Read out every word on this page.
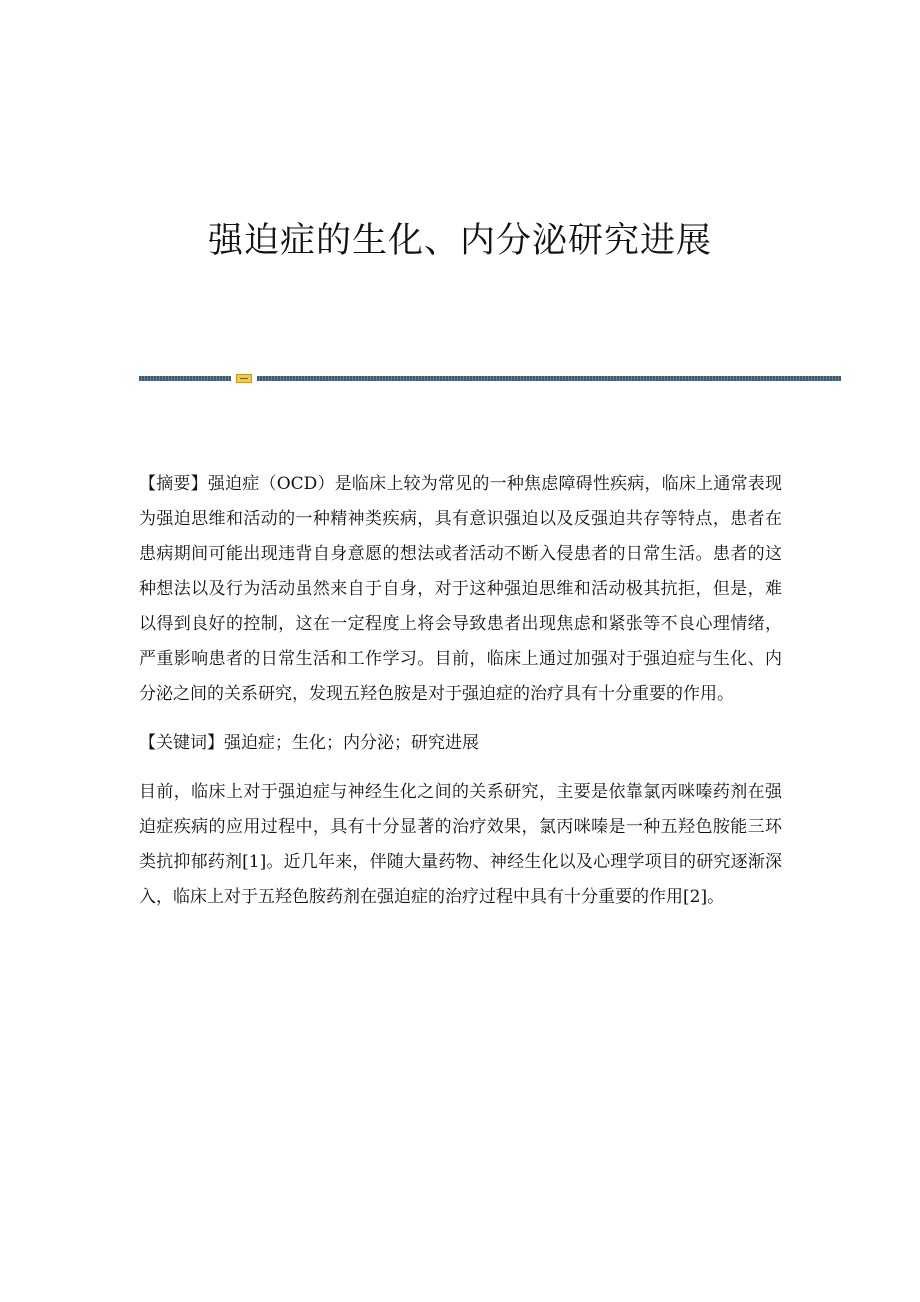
强迫症的生化、内分泌研究进展

【摘要】强迫症（OCD）是临床上较为常见的一种焦虑障碍性疾病，临床上通常表现为强迫思维和活动的一种精神类疾病，具有意识强迫以及反强迫共存等特点，患者在患病期间可能出现违背自身意愿的想法或者活动不断入侵患者的日常生活。患者的这种想法以及行为活动虽然来自于自身，对于这种强迫思维和活动极其抗拒，但是，难以得到良好的控制，这在一定程度上将会导致患者出现焦虑和紧张等不良心理情绪，严重影响患者的日常生活和工作学习。目前，临床上通过加强对于强迫症与生化、内分泌之间的关系研究，发现五羟色胺是对于强迫症的治疗具有十分重要的作用。

【关键词】强迫症；生化；内分泌；研究进展

目前，临床上对于强迫症与神经生化之间的关系研究，主要是依靠氯丙咪嗪药剂在强迫症疾病的应用过程中，具有十分显著的治疗效果，氯丙咪嗪是一种五羟色胺能三环类抗抑郁药剂[1]。近几年来，伴随大量药物、神经生化以及心理学项目的研究逐渐深入，临床上对于五羟色胺药剂在强迫症的治疗过程中具有十分重要的作用[2]。
